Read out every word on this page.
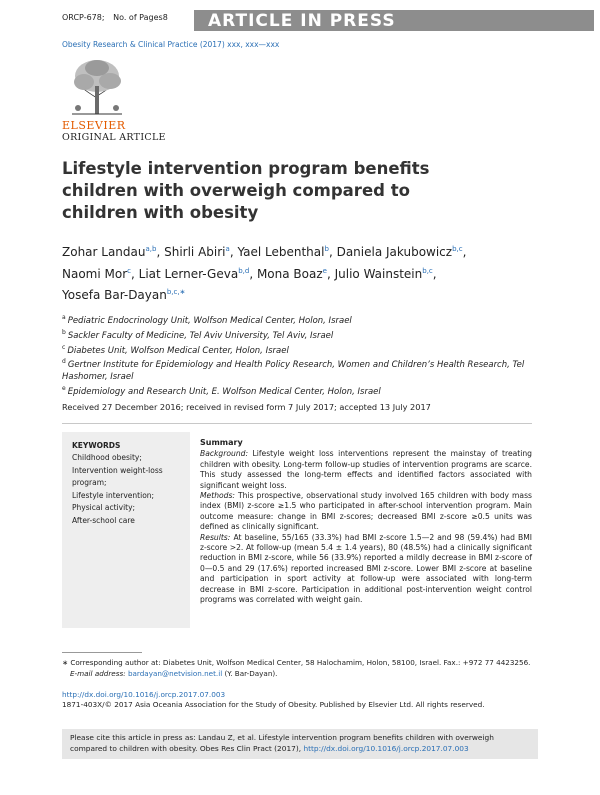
ORCP-678; No. of Pages8	ARTICLE IN PRESS
Obesity Research & Clinical Practice (2017) xxx, xxx—xxx
ELSEVIER
ORIGINAL ARTICLE
Lifestyle intervention program benefits children with overweigh compared to children with obesity
Zohar Landau$^{a,b}$, Shirli Abiri$^a$, Yael Lebenthal$^b$, Daniela Jakubowicz$^{b,c}$, Naomi Mor$^c$, Liat Lerner-Geva$^{b,d}$, Mona Boaz$^e$, Julio Wainstein$^{b,c}$, Yosefa Bar-Dayan$^{b,c,∗}$
$^a$ Pediatric Endocrinology Unit, Wolfson Medical Center, Holon, Israel
$^b$ Sackler Faculty of Medicine, Tel Aviv University, Tel Aviv, Israel
$^c$ Diabetes Unit, Wolfson Medical Center, Holon, Israel
$^d$ Gertner Institute for Epidemiology and Health Policy Research, Women and Children’s Health Research, Tel Hashomer, Israel
$^e$ Epidemiology and Research Unit, E. Wolfson Medical Center, Holon, Israel
Received 27 December 2016; received in revised form 7 July 2017; accepted 13 July 2017
KEYWORDS
Childhood obesity;
Intervention weight-loss program;
Lifestyle intervention;
Physical activity;
After-school care
Summary

Background: Lifestyle weight loss interventions represent the mainstay of treating children with obesity. Long-term follow-up studies of intervention programs are scarce. This study assessed the long-term effects and identified factors associated with significant weight loss.

Methods: This prospective, observational study involved 165 children with body mass index (BMI) z-score ≥1.5 who participated in after-school intervention program. Main outcome measure: change in BMI z-scores; decreased BMI z-score ≥0.5 units was defined as clinically significant.

Results: At baseline, 55/165 (33.3%) had BMI z-score 1.5—2 and 98 (59.4%) had BMI z-score >2. At follow-up (mean 5.4 ± 1.4 years), 80 (48.5%) had a clinically significant reduction in BMI z-score, while 56 (33.9%) reported a mildly decrease in BMI z-score of 0—0.5 and 29 (17.6%) reported increased BMI z-score. Lower BMI z-score at baseline and participation in sport activity at follow-up were associated with long-term decrease in BMI z-score. Participation in additional post-intervention weight control programs was correlated with weight gain.

∗ Corresponding author at: Diabetes Unit, Wolfson Medical Center, 58 Halochamim, Holon, 58100, Israel. Fax.: +972 77 4423256.
E-mail address: bardayan@netvision.net.il (Y. Bar-Dayan).
http://dx.doi.org/10.1016/j.orcp.2017.07.003
1871-403X/© 2017 Asia Oceania Association for the Study of Obesity. Published by Elsevier Ltd. All rights reserved.
Please cite this article in press as: Landau Z, et al. Lifestyle intervention program benefits children with overweigh compared to children with obesity. Obes Res Clin Pract (2017), http://dx.doi.org/10.1016/j.orcp.2017.07.003
